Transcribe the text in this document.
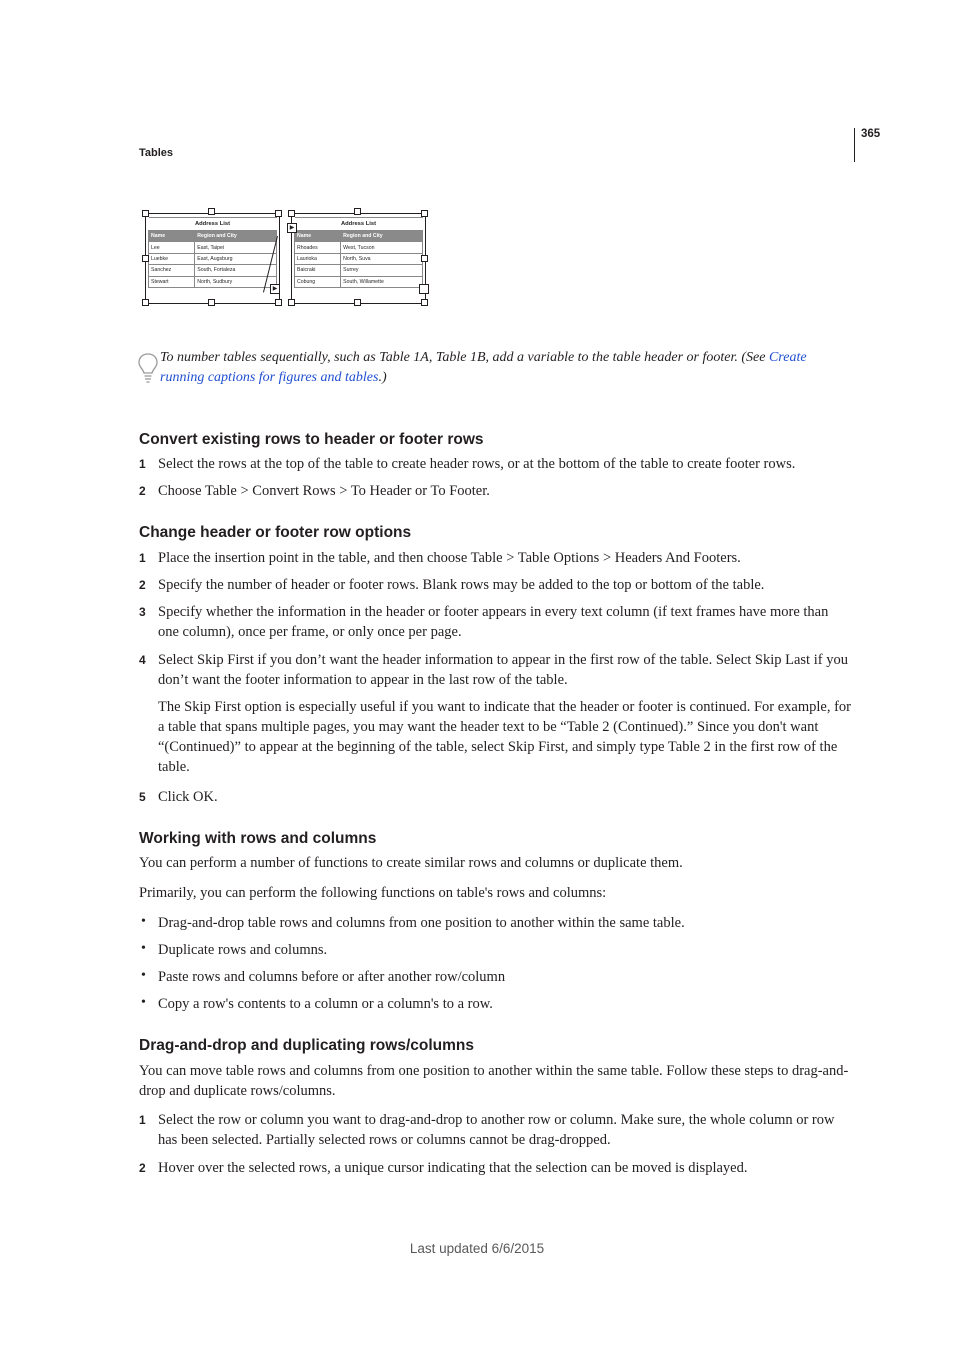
365
Tables
Address List	
Name	Region and City
Lee	East, Taipei
Luebke	East, Augsburg
Sanchez	South, Fortaleza
Stewart	North, Sudbury
Address List	
Name	Region and City
Rhoades	West, Tucson
Laurioka	North, Suva
Baicraki	Surrey
Cobung	South, Willamette
▶
▶
To number tables sequentially, such as Table 1A, Table 1B, add a variable to the table header or footer. (See Create running captions for figures and tables.)
Convert existing rows to header or footer rows
1 Select the rows at the top of the table to create header rows, or at the bottom of the table to create footer rows.
2 Choose Table > Convert Rows > To Header or To Footer.
Change header or footer row options
1 Place the insertion point in the table, and then choose Table > Table Options > Headers And Footers.
2 Specify the number of header or footer rows. Blank rows may be added to the top or bottom of the table.
3 Specify whether the information in the header or footer appears in every text column (if text frames have more than one column), once per frame, or only once per page.
4 Select Skip First if you don’t want the header information to appear in the first row of the table. Select Skip Last if you don’t want the footer information to appear in the last row of the table.
The Skip First option is especially useful if you want to indicate that the header or footer is continued. For example, for a table that spans multiple pages, you may want the header text to be “Table 2 (Continued).” Since you don't want “(Continued)” to appear at the beginning of the table, select Skip First, and simply type Table 2 in the first row of the table.
5 Click OK.
Working with rows and columns
You can perform a number of functions to create similar rows and columns or duplicate them.
Primarily, you can perform the following functions on table's rows and columns:
• Drag-and-drop table rows and columns from one position to another within the same table.
• Duplicate rows and columns.
• Paste rows and columns before or after another row/column
• Copy a row's contents to a column or a column's to a row.
Drag-and-drop and duplicating rows/columns
You can move table rows and columns from one position to another within the same table. Follow these steps to drag-and-drop and duplicate rows/columns.
1 Select the row or column you want to drag-and-drop to another row or column. Make sure, the whole column or row has been selected. Partially selected rows or columns cannot be drag-dropped.
2 Hover over the selected rows, a unique cursor indicating that the selection can be moved is displayed.
Last updated 6/6/2015
